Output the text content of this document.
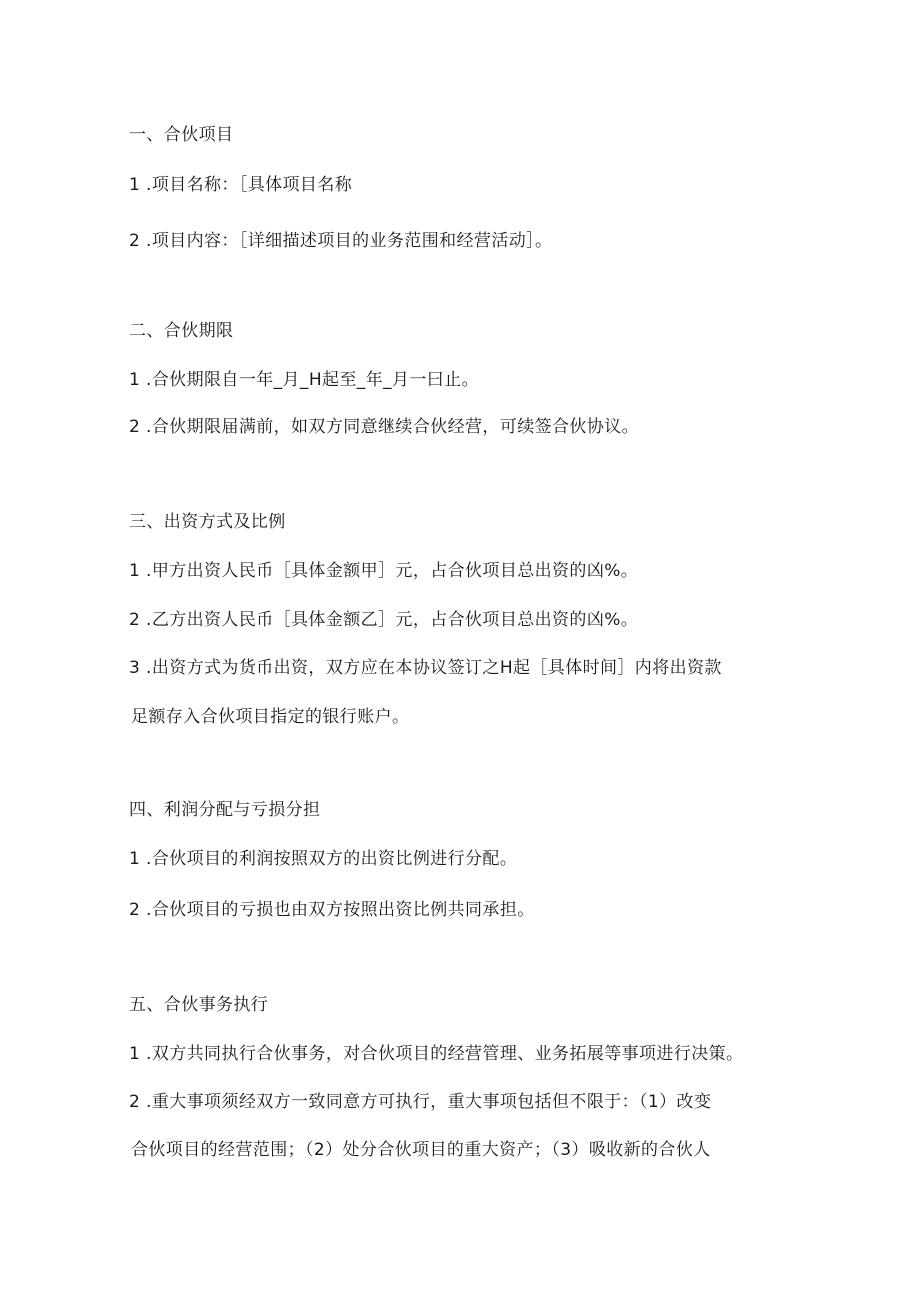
一、合伙项目
1 .项目名称：［具体项目名称
2 .项目内容：［详细描述项目的业务范围和经营活动］。
二、合伙期限
1 .合伙期限自一年_月_H起至_年_月一曰止。
2 .合伙期限届满前，如双方同意继续合伙经营，可续签合伙协议。
三、出资方式及比例
1 .甲方出资人民币［具体金额甲］元，占合伙项目总出资的凶%。
2 .乙方出资人民币［具体金额乙］元，占合伙项目总出资的凶%。
3 .出资方式为货币出资，双方应在本协议签订之H起［具体时间］内将出资款
足额存入合伙项目指定的银行账户。
四、利润分配与亏损分担
1 .合伙项目的利润按照双方的出资比例进行分配。
2 .合伙项目的亏损也由双方按照出资比例共同承担。
五、合伙事务执行
1 .双方共同执行合伙事务，对合伙项目的经营管理、业务拓展等事项进行决策。
2 .重大事项须经双方一致同意方可执行，重大事项包括但不限于：（1）改变
合伙项目的经营范围；（2）处分合伙项目的重大资产；（3）吸收新的合伙人
